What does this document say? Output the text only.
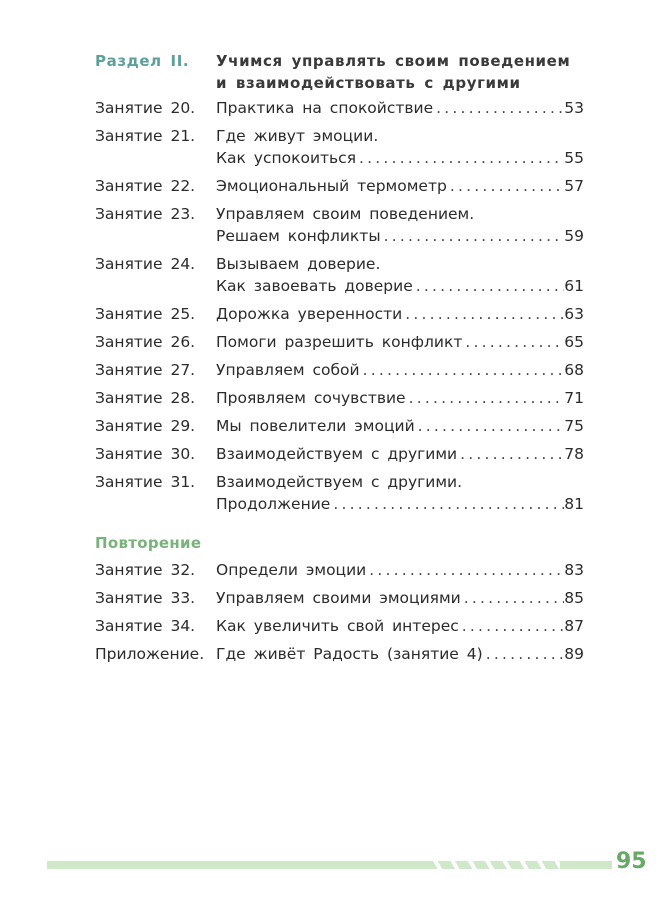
Раздел II.	Учимся управлять своим поведением
и взаимодействовать с другими
Занятие 20.	Практика на спокойствие .....	53
Занятие 21.	Где живут эмоции.
Как успокоиться .....	55
Занятие 22.	Эмоциональный термометр .....	57
Занятие 23.	Управляем своим поведением.
Решаем конфликты .....	59
Занятие 24.	Вызываем доверие.
Как завоевать доверие .....	61
Занятие 25.	Дорожка уверенности .....	63
Занятие 26.	Помоги разрешить конфликт .....	65
Занятие 27.	Управляем собой .....	68
Занятие 28.	Проявляем сочувствие .....	71
Занятие 29.	Мы повелители эмоций .....	75
Занятие 30.	Взаимодействуем с другими .....	78
Занятие 31.	Взаимодействуем с другими.
Продолжение .....	81
Повторение
Занятие 32.	Определи эмоции .....	83
Занятие 33.	Управляем своими эмоциями .....	85
Занятие 34.	Как увеличить свой интерес .....	87
Приложение. Где живёт Радость (занятие 4) .....	89
95
